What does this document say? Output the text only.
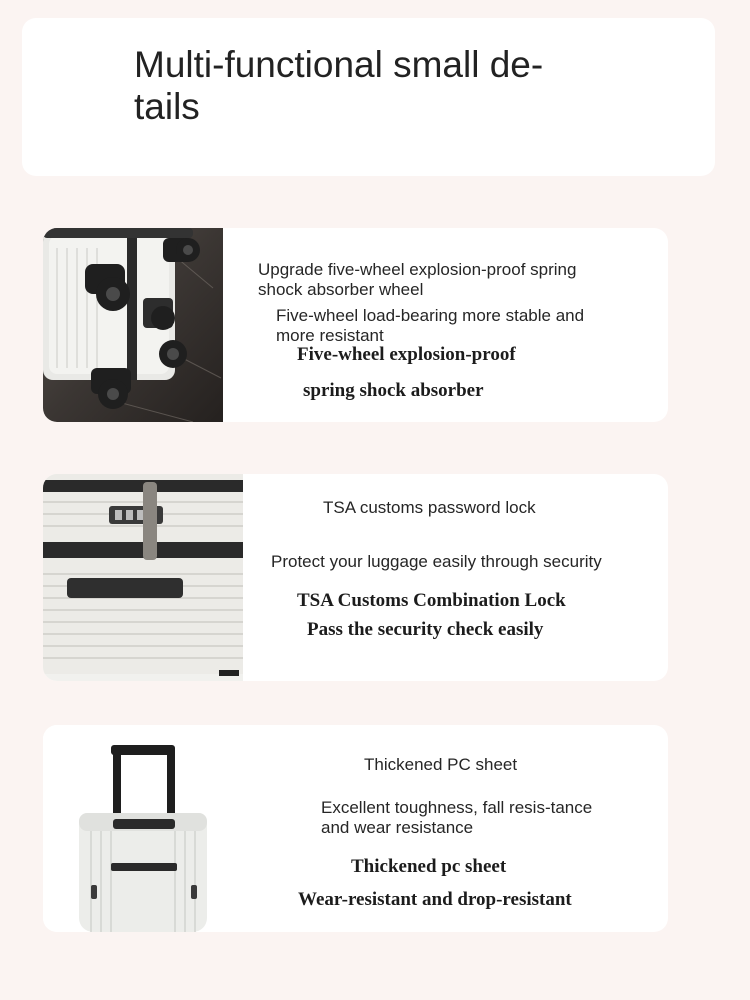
Multi-functional small de-tails
Upgrade five-wheel explosion-proof spring shock absorber wheel
Five-wheel load-bearing more stable and more resistant
Five-wheel explosion-proof
spring shock absorber
TSA customs password lock
Protect your luggage easily through security
TSA Customs Combination Lock
Pass the security check easily
Thickened PC sheet
Excellent toughness, fall resis-tance and wear resistance
Thickened pc sheet
Wear-resistant and drop-resistant
